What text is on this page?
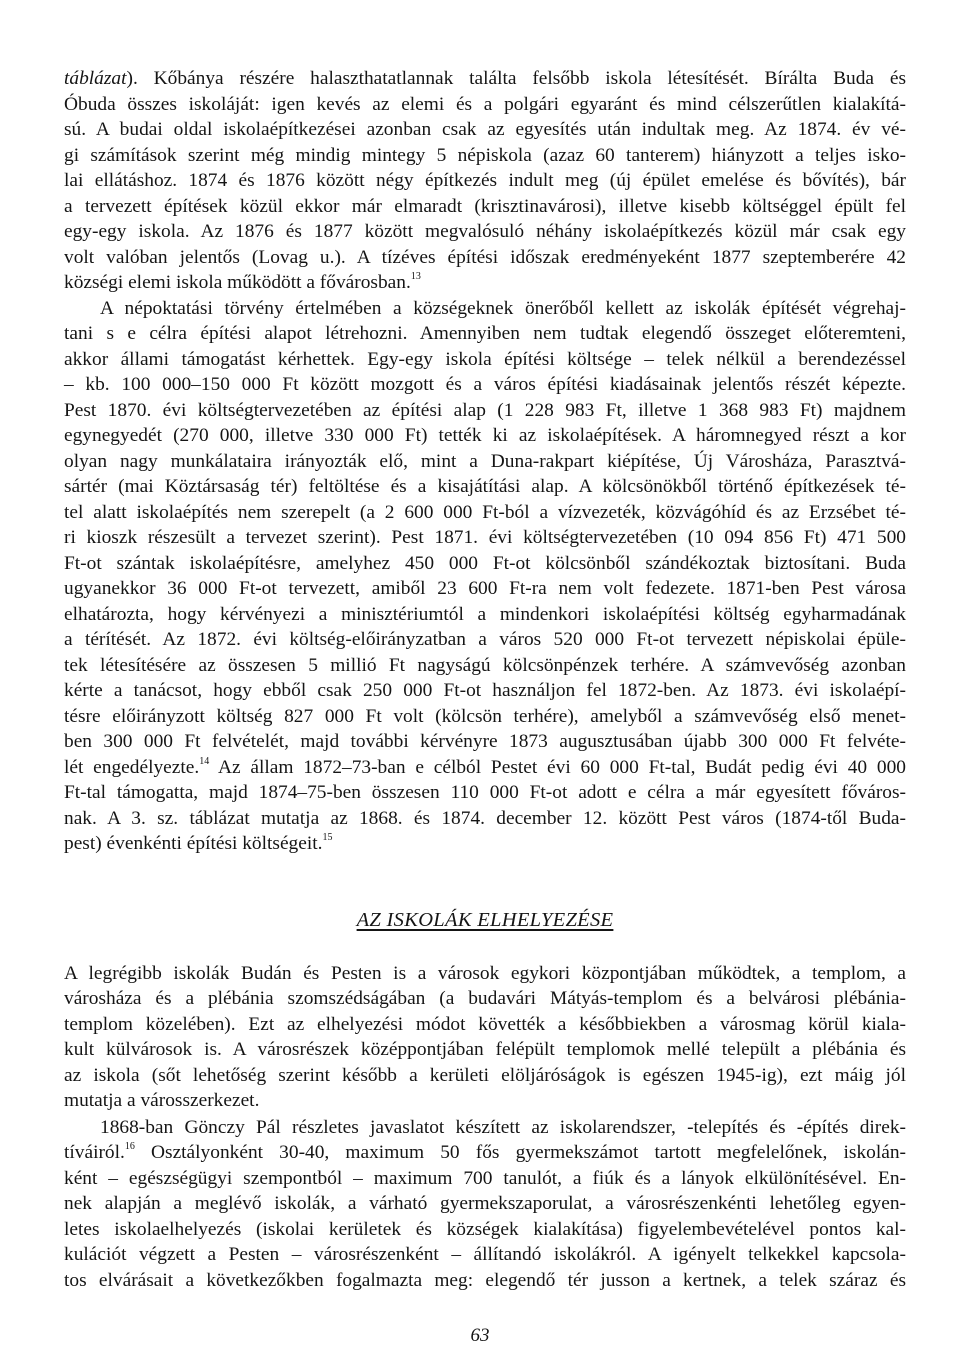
táblázat). Kőbánya részére halaszthatatlannak találta felsőbb iskola létesítését. Bírálta Buda és
Óbuda összes iskoláját: igen kevés az elemi és a polgári egyaránt és mind célszerűtlen kialakítá-
sú. A budai oldal iskolaépítkezései azonban csak az egyesítés után indultak meg. Az 1874. év vé-
gi számítások szerint még mindig mintegy 5 népiskola (azaz 60 tanterem) hiányzott a teljes isko-
lai ellátáshoz. 1874 és 1876 között négy építkezés indult meg (új épület emelése és bővítés), bár
a tervezett építések közül ekkor már elmaradt (krisztinavárosi), illetve kisebb költséggel épült fel
egy-egy iskola. Az 1876 és 1877 között megvalósuló néhány iskolaépítkezés közül már csak egy
volt valóban jelentős (Lovag u.). A tízéves építési időszak eredményeként 1877 szeptemberére 42
községi elemi iskola működött a fővárosban.$^{13}$
A népoktatási törvény értelmében a községeknek önerőből kellett az iskolák építését végrehaj-
tani s e célra építési alapot létrehozni. Amennyiben nem tudtak elegendő összeget előteremteni,
akkor állami támogatást kérhettek. Egy-egy iskola építési költsége – telek nélkül a berendezéssel
– kb. 100 000–150 000 Ft között mozgott és a város építési kiadásainak jelentős részét képezte.
Pest 1870. évi költségtervezetében az építési alap (1 228 983 Ft, illetve 1 368 983 Ft) majdnem
egynegyedét (270 000, illetve 330 000 Ft) tették ki az iskolaépítések. A háromnegyed részt a kor
olyan nagy munkálataira irányozták elő, mint a Duna-rakpart kiépítése, Új Városháza, Parasztvá-
sártér (mai Köztársaság tér) feltöltése és a kisajátítási alap. A kölcsönökből történő építkezések té-
tel alatt iskolaépítés nem szerepelt (a 2 600 000 Ft-ból a vízvezeték, közvágóhíd és az Erzsébet té-
ri kioszk részesült a tervezet szerint). Pest 1871. évi költségtervezetében (10 094 856 Ft) 471 500
Ft-ot szántak iskolaépítésre, amelyhez 450 000 Ft-ot kölcsönből szándékoztak biztosítani. Buda
ugyanekkor 36 000 Ft-ot tervezett, amiből 23 600 Ft-ra nem volt fedezete. 1871-ben Pest városa
elhatározta, hogy kérvényezi a minisztériumtól a mindenkori iskolaépítési költség egyharmadának
a térítését. Az 1872. évi költség-előirányzatban a város 520 000 Ft-ot tervezett népiskolai épüle-
tek létesítésére az összesen 5 millió Ft nagyságú kölcsönpénzek terhére. A számvevőség azonban
kérte a tanácsot, hogy ebből csak 250 000 Ft-ot használjon fel 1872-ben. Az 1873. évi iskolaépí-
tésre előirányzott költség 827 000 Ft volt (kölcsön terhére), amelyből a számvevőség első menet-
ben 300 000 Ft felvételét, majd további kérvényre 1873 augusztusában újabb 300 000 Ft felvéte-
lét engedélyezte.$^{14}$ Az állam 1872–73-ban e célból Pestet évi 60 000 Ft-tal, Budát pedig évi 40 000
Ft-tal támogatta, majd 1874–75-ben összesen 110 000 Ft-ot adott e célra a már egyesített főváros-
nak. A 3. sz. táblázat mutatja az 1868. és 1874. december 12. között Pest város (1874-től Buda-
pest) évenkénti építési költségeit.$^{15}$
AZ ISKOLÁK ELHELYEZÉSE
A legrégibb iskolák Budán és Pesten is a városok egykori központjában működtek, a templom, a
városháza és a plébánia szomszédságában (a budavári Mátyás-templom és a belvárosi plébánia-
templom közelében). Ezt az elhelyezési módot követték a későbbiekben a városmag körül kiala-
kult külvárosok is. A városrészek középpontjában felépült templomok mellé települt a plébánia és
az iskola (sőt lehetőség szerint később a kerületi elöljáróságok is egészen 1945-ig), ezt máig jól
mutatja a városszerkezet.
1868-ban Gönczy Pál részletes javaslatot készített az iskolarendszer, -telepítés és -építés direk-
tíváiról.$^{16}$ Osztályonként 30-40, maximum 50 fős gyermekszámot tartott megfelelőnek, iskolán-
ként – egészségügyi szempontból – maximum 700 tanulót, a fiúk és a lányok elkülönítésével. En-
nek alapján a meglévő iskolák, a várható gyermekszaporulat, a városrészenkénti lehetőleg egyen-
letes iskolaelhelyezés (iskolai kerületek és községek kialakítása) figyelembevételével pontos kal-
kulációt végzett a Pesten – városrészenként – állítandó iskolákról. A igényelt telkekkel kapcsola-
tos elvárásait a következőkben fogalmazta meg: elegendő tér jusson a kertnek, a telek száraz és
63
